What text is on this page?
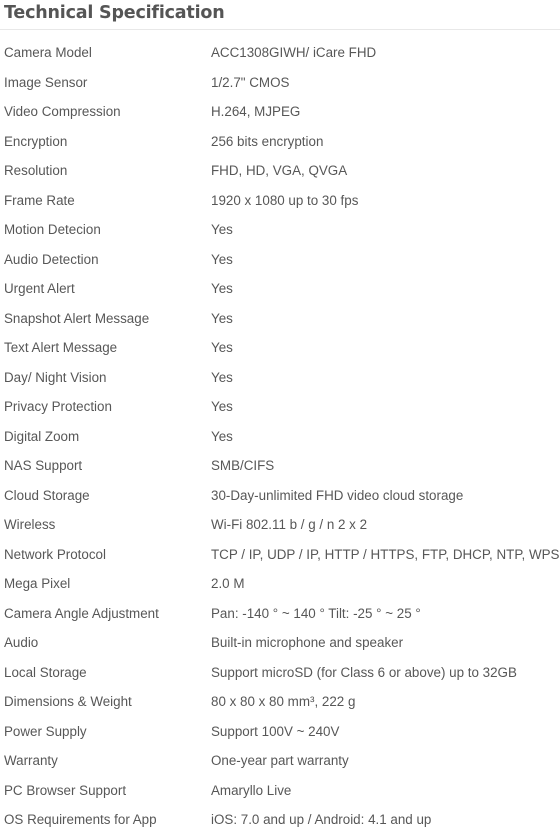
Technical Specification
Camera Model	ACC1308GIWH/ iCare FHD
Image Sensor	1/2.7" CMOS
Video Compression	H.264, MJPEG
Encryption	256 bits encryption
Resolution	FHD, HD, VGA, QVGA
Frame Rate	1920 x 1080 up to 30 fps
Motion Detecion	Yes
Audio Detection	Yes
Urgent Alert	Yes
Snapshot Alert Message	Yes
Text Alert Message	Yes
Day/ Night Vision	Yes
Privacy Protection	Yes
Digital Zoom	Yes
NAS Support	SMB/CIFS
Cloud Storage	30-Day-unlimited FHD video cloud storage
Wireless	Wi-Fi 802.11 b / g / n 2 x 2
Network Protocol	TCP / IP, UDP / IP, HTTP / HTTPS, FTP, DHCP, NTP, WPS
Mega Pixel	2.0 M
Camera Angle Adjustment	Pan: -140 ° ~ 140 ° Tilt: -25 ° ~ 25 °
Audio	Built-in microphone and speaker
Local Storage	Support microSD (for Class 6 or above) up to 32GB
Dimensions & Weight	80 x 80 x 80 mm³, 222 g
Power Supply	Support 100V ~ 240V
Warranty	One-year part warranty
PC Browser Support	Amaryllo Live
OS Requirements for App	iOS: 7.0 and up / Android: 4.1 and up
